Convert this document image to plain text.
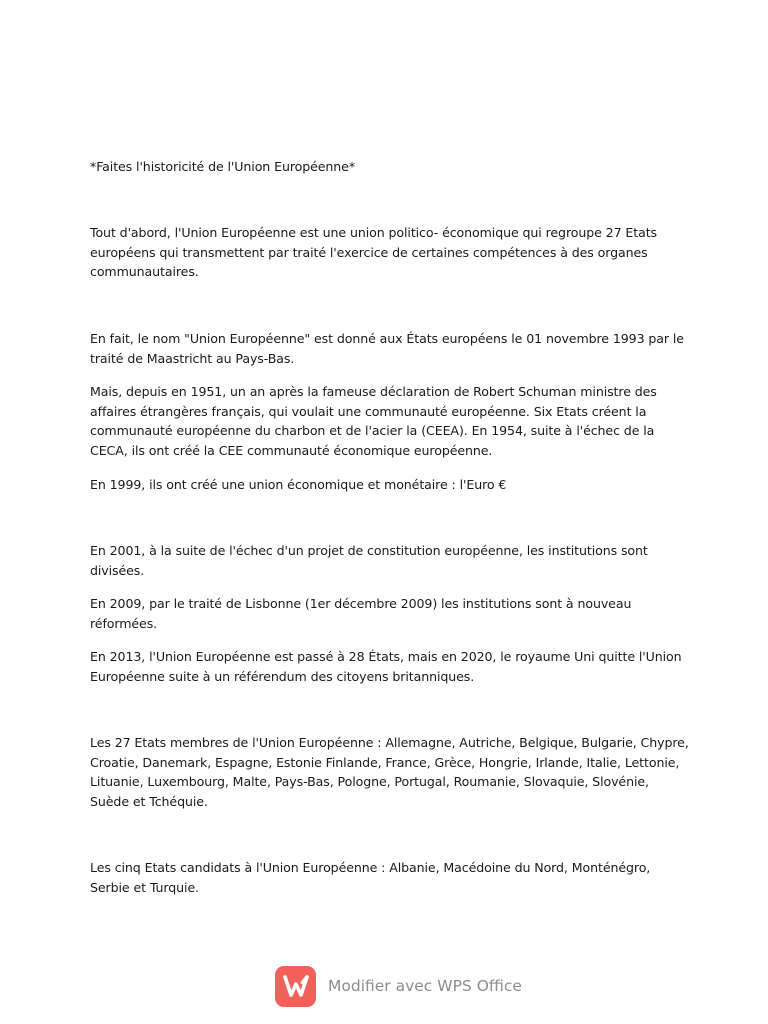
*Faites l'historicité de l'Union Européenne*

Tout d'abord, l'Union Européenne est une union politico- économique qui regroupe 27 Etats européens qui transmettent par traité l'exercice de certaines compétences à des organes communautaires.

En fait, le nom "Union Européenne" est donné aux États européens le 01 novembre 1993 par le traité de Maastricht au Pays-Bas.

Mais, depuis en 1951, un an après la fameuse déclaration de Robert Schuman ministre des affaires étrangères français, qui voulait une communauté européenne. Six Etats créent la communauté européenne du charbon et de l'acier la (CEEA). En 1954, suite à l'échec de la CECA, ils ont créé la CEE communauté économique européenne.

En 1999, ils ont créé une union économique et monétaire : l'Euro €

En 2001, à la suite de l'échec d'un projet de constitution européenne, les institutions sont divisées.

En 2009, par le traité de Lisbonne (1er décembre 2009) les institutions sont à nouveau réformées.

En 2013, l'Union Européenne est passé à 28 États, mais en 2020, le royaume Uni quitte l'Union Européenne suite à un référendum des citoyens britanniques.

Les 27 Etats membres de l'Union Européenne : Allemagne, Autriche, Belgique, Bulgarie, Chypre, Croatie, Danemark, Espagne, Estonie Finlande, France, Grèce, Hongrie, Irlande, Italie, Lettonie, Lituanie, Luxembourg, Malte, Pays-Bas, Pologne, Portugal, Roumanie, Slovaquie, Slovénie, Suède et Tchéquie.

Les cinq Etats candidats à l'Union Européenne : Albanie, Macédoine du Nord, Monténégro, Serbie et Turquie.

Modifier avec WPS Office
